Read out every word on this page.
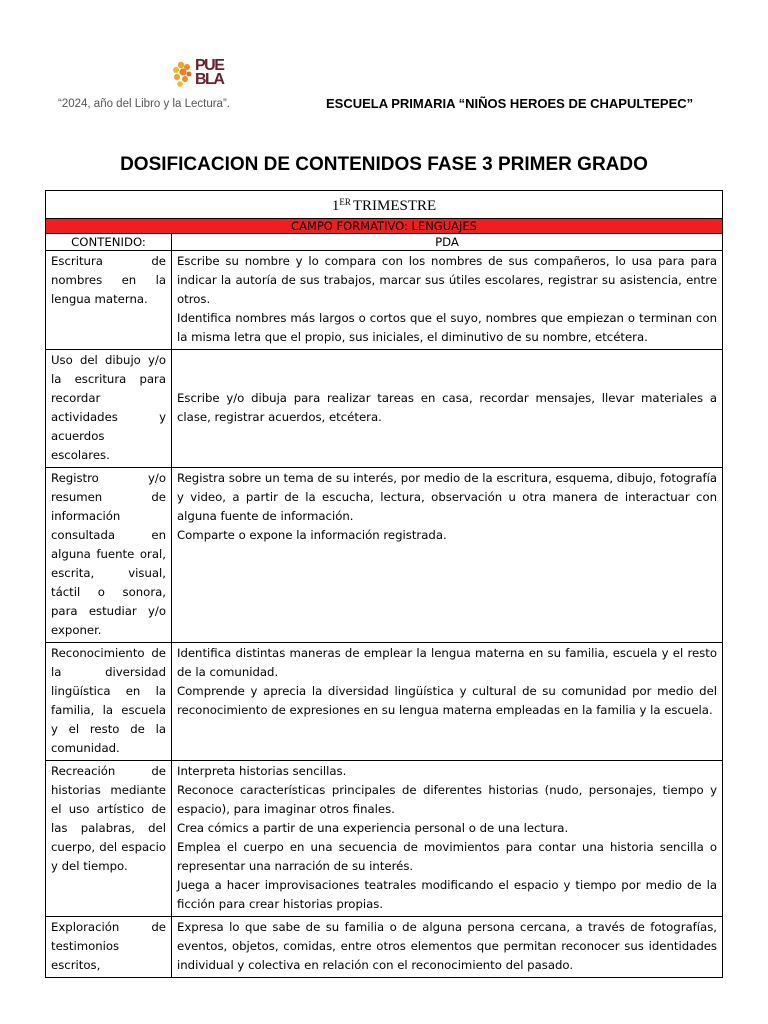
PUE
BLA
“2024, año del Libro y la Lectura”.	ESCUELA PRIMARIA “NIÑOS HEROES DE CHAPULTEPEC”
DOSIFICACION DE CONTENIDOS FASE 3 PRIMER GRADO
1ER TRIMESTRE	
CAMPO FORMATIVO: LENGUAJES	
CONTENIDO:	PDA
Escritura de nombres en la lengua materna.	Escribe su nombre y lo compara con los nombres de sus compañeros, lo usa para para indicar la autoría de sus trabajos, marcar sus útiles escolares, registrar su asistencia, entre otros.

Identifica nombres más largos o cortos que el suyo, nombres que empiezan o terminan con la misma letra que el propio, sus iniciales, el diminutivo de su nombre, etcétera.

Uso del dibujo y/o la escritura para recordar actividades y acuerdos escolares.	Escribe y/o dibuja para realizar tareas en casa, recordar mensajes, llevar materiales a clase, registrar acuerdos, etcétera.

Registro y/o resumen de información consultada en alguna fuente oral, escrita, visual, táctil o sonora, para estudiar y/o exponer.	Registra sobre un tema de su interés, por medio de la escritura, esquema, dibujo, fotografía y video, a partir de la escucha, lectura, observación u otra manera de interactuar con alguna fuente de información.

Comparte o expone la información registrada.

Reconocimiento de la diversidad lingüística en la familia, la escuela y el resto de la comunidad.	Identifica distintas maneras de emplear la lengua materna en su familia, escuela y el resto de la comunidad.

Comprende y aprecia la diversidad lingüística y cultural de su comunidad por medio del reconocimiento de expresiones en su lengua materna empleadas en la familia y la escuela.

Recreación de historias mediante el uso artístico de las palabras, del cuerpo, del espacio y del tiempo.	Interpreta historias sencillas.

Reconoce características principales de diferentes historias (nudo, personajes, tiempo y espacio), para imaginar otros finales.

Crea cómics a partir de una experiencia personal o de una lectura.

Emplea el cuerpo en una secuencia de movimientos para contar una historia sencilla o representar una narración de su interés.

Juega a hacer improvisaciones teatrales modificando el espacio y tiempo por medio de la ficción para crear historias propias.

Exploración de testimonios escritos,	Expresa lo que sabe de su familia o de alguna persona cercana, a través de fotografías, eventos, objetos, comidas, entre otros elementos que permitan reconocer sus identidades individual y colectiva en relación con el reconocimiento del pasado.
